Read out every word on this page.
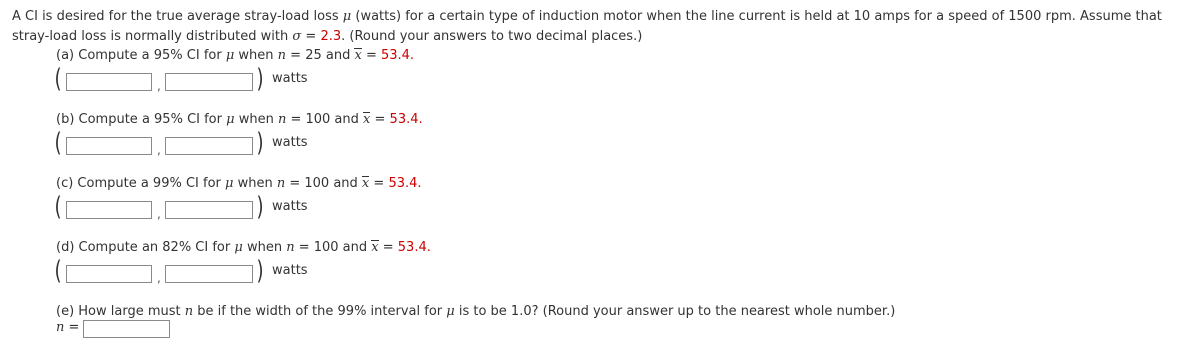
A CI is desired for the true average stray-load loss μ (watts) for a certain type of induction motor when the line current is held at 10 amps for a speed of 1500 rpm. Assume that stray-load loss is normally distributed with σ = 2.3. (Round your answers to two decimal places.)
(a) Compute a 95% CI for μ when n = 25 and x = 53.4.
(	,	) watts
(b) Compute a 95% CI for μ when n = 100 and x = 53.4.
(	,	) watts
(c) Compute a 99% CI for μ when n = 100 and x = 53.4.
(	,	) watts
(d) Compute an 82% CI for μ when n = 100 and x = 53.4.
(	,	) watts
(e) How large must n be if the width of the 99% interval for μ is to be 1.0? (Round your answer up to the nearest whole number.)
n =
